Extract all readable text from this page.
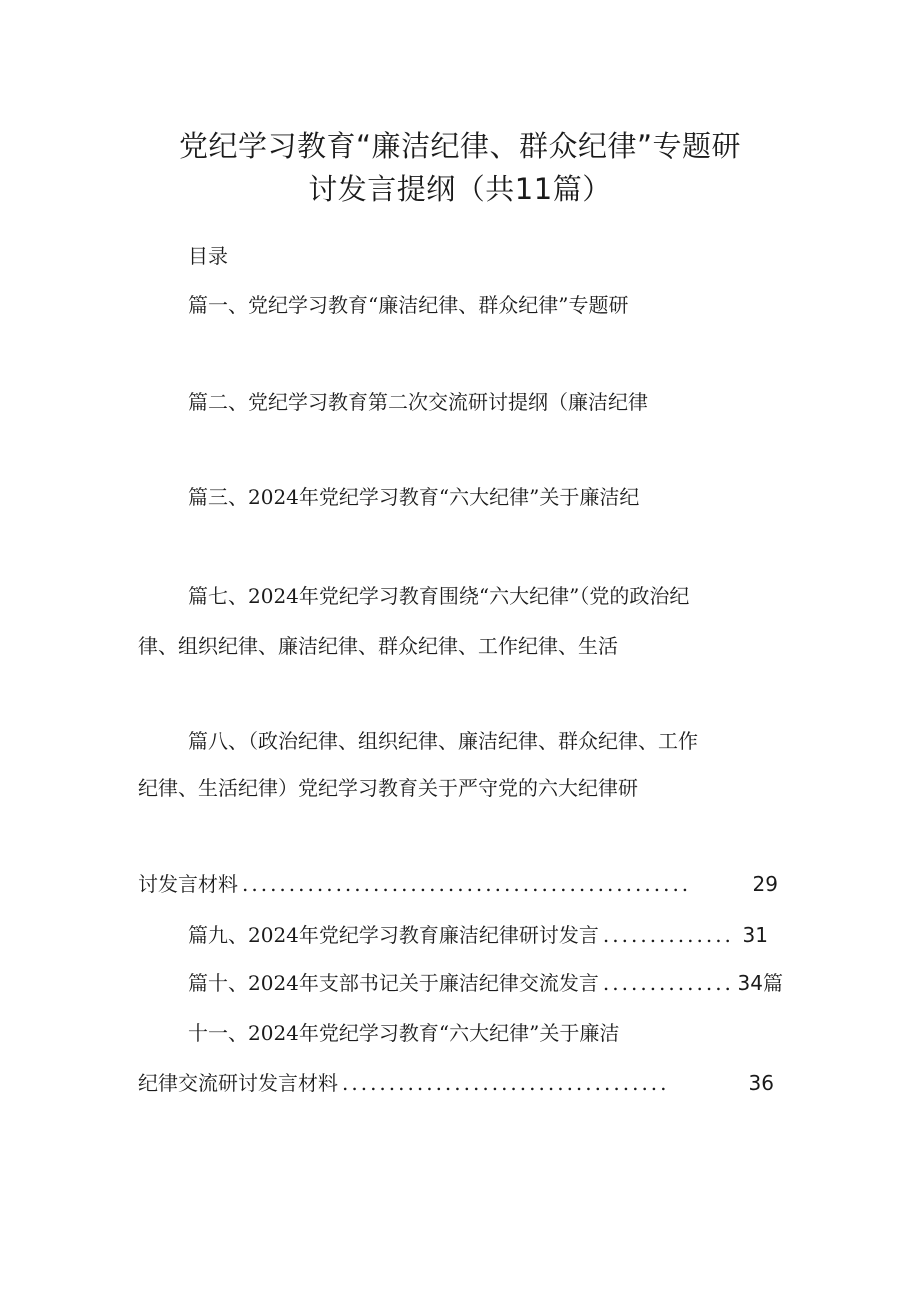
党纪学习教育“廉洁纪律、群众纪律”专题研
讨发言提纲（共11篇）
目录
篇一、党纪学习教育“廉洁纪律、群众纪律”专题研
篇二、党纪学习教育第二次交流研讨提纲（廉洁纪律
篇三、2024年党纪学习教育“六大纪律”关于廉洁纪
篇七、2024年党纪学习教育围绕“六大纪律”（党的政治纪
律、组织纪律、廉洁纪律、群众纪律、工作纪律、生活
篇八、（政治纪律、组织纪律、廉洁纪律、群众纪律、工作
纪律、生活纪律）党纪学习教育关于严守党的六大纪律研
讨发言材料 ................................................	29
篇九、2024年党纪学习教育廉洁纪律研讨发言 .............. 31
篇十、2024年支部书记关于廉洁纪律交流发言 .............. 34篇
十一、2024年党纪学习教育“六大纪律”关于廉洁
纪律交流研讨发言材料 ...................................	36
